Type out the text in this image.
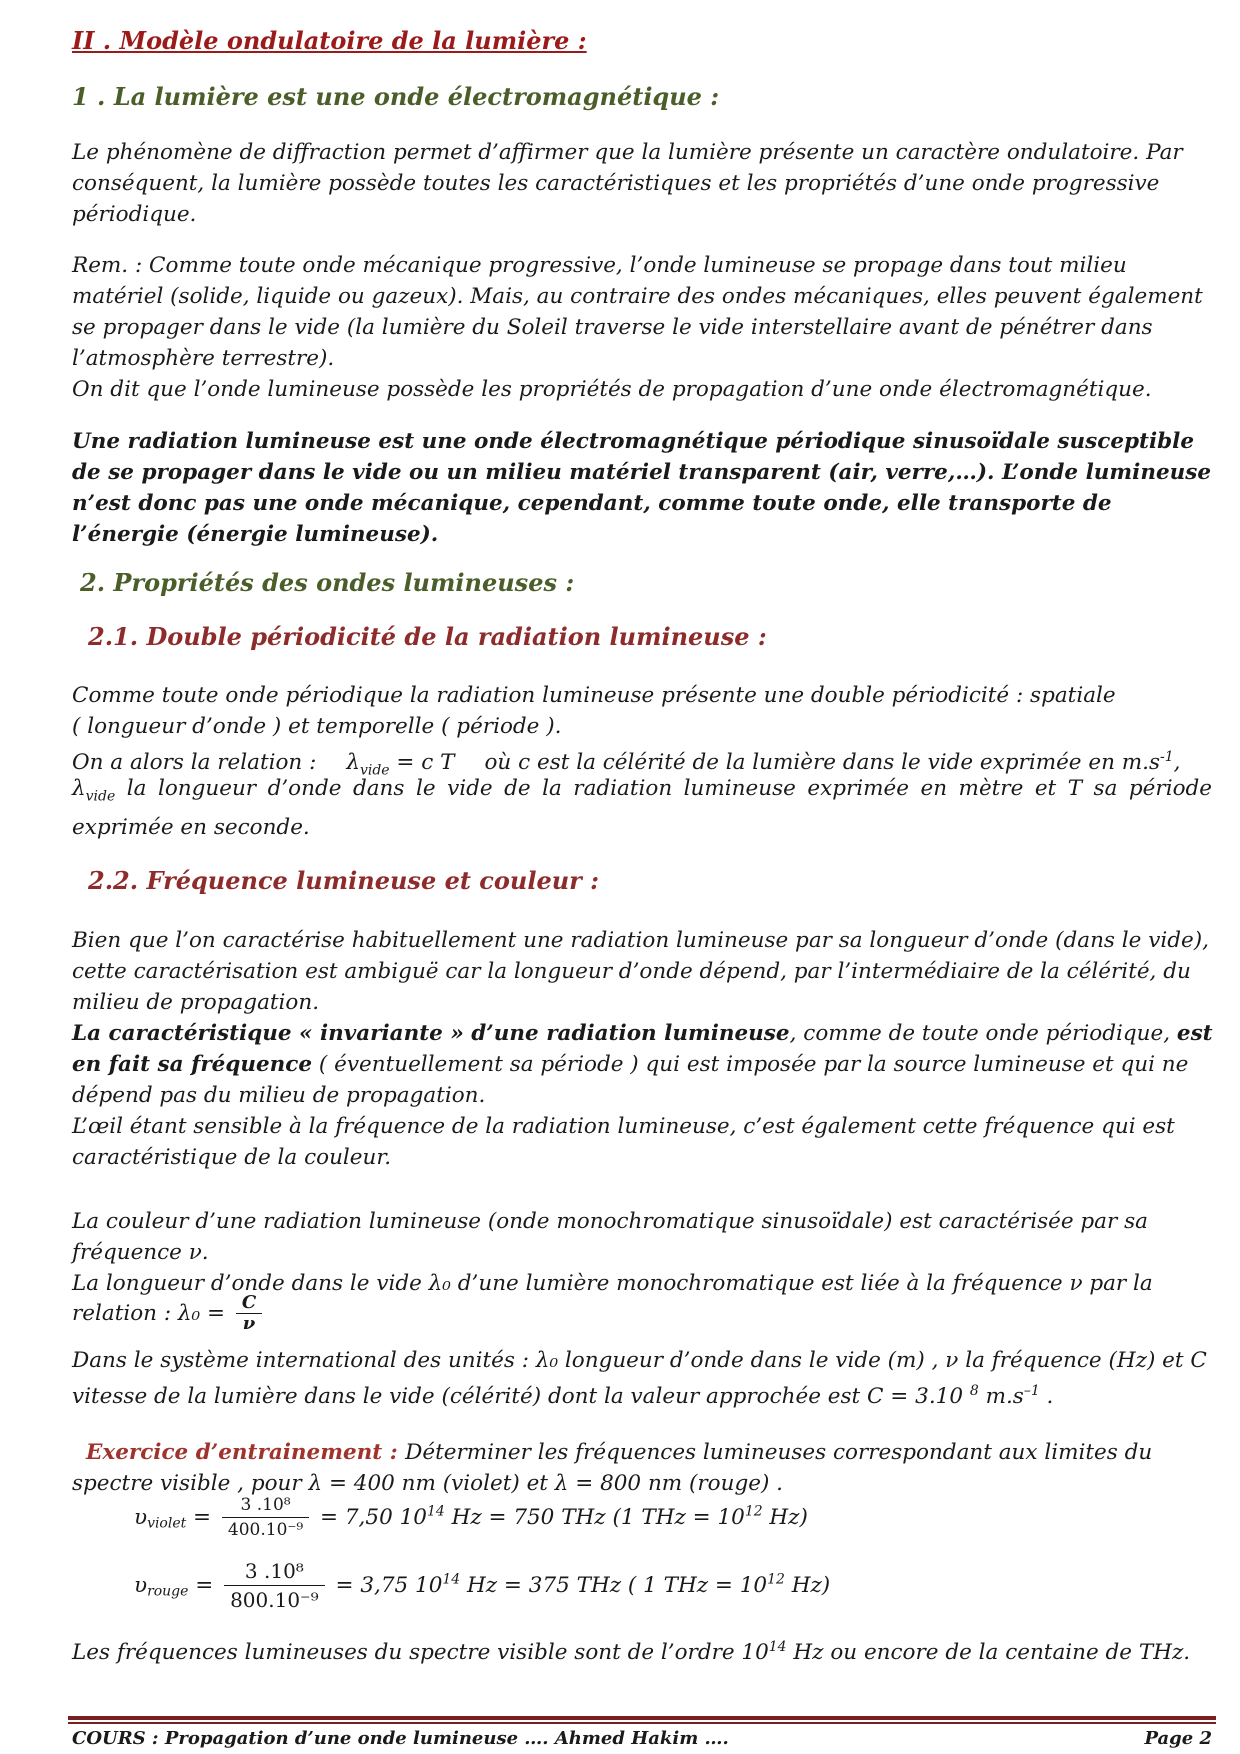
II . Modèle ondulatoire de la lumière :
1 . La lumière est une onde électromagnétique :

Le phénomène de diffraction permet d’affirmer que la lumière présente un caractère ondulatoire. Par conséquent, la lumière possède toutes les caractéristiques et les propriétés d’une onde progressive périodique.

Rem. : Comme toute onde mécanique progressive, l’onde lumineuse se propage dans tout milieu matériel (solide, liquide ou gazeux). Mais, au contraire des ondes mécaniques, elles peuvent également se propager dans le vide (la lumière du Soleil traverse le vide interstellaire avant de pénétrer dans l’atmosphère terrestre).

On dit que l’onde lumineuse possède les propriétés de propagation d’une onde électromagnétique.

Une radiation lumineuse est une onde électromagnétique périodique sinusoïdale susceptible de se propager dans le vide ou un milieu matériel transparent (air, verre,…). L’onde lumineuse n’est donc pas une onde mécanique, cependant, comme toute onde, elle transporte de l’énergie (énergie lumineuse).

2. Propriétés des ondes lumineuses :
2.1. Double périodicité de la radiation lumineuse :

Comme toute onde périodique la radiation lumineuse présente une double périodicité : spatiale

( longueur d’onde ) et temporelle ( période ).

On a alors la relation : $\lambda_{vide} = c$ T où c est la célérité de la lumière dans le vide exprimée en $m.s^{-1}$,

$\lambda_{vide}$ la longueur d’onde dans le vide de la radiation lumineuse exprimée en mètre et T sa période exprimée en seconde.

2.2. Fréquence lumineuse et couleur :

Bien que l’on caractérise habituellement une radiation lumineuse par sa longueur d’onde (dans le vide), cette caractérisation est ambiguë car la longueur d’onde dépend, par l’intermédiaire de la célérité, du milieu de propagation.

La caractéristique « invariante » d’une radiation lumineuse, comme de toute onde périodique, est en fait sa fréquence ( éventuellement sa période ) qui est imposée par la source lumineuse et qui ne dépend pas du milieu de propagation.

L’œil étant sensible à la fréquence de la radiation lumineuse, c’est également cette fréquence qui est caractéristique de la couleur.

La couleur d’une radiation lumineuse (onde monochromatique sinusoïdale) est caractérisée par sa fréquence ν.

La longueur d’onde dans le vide λ₀ d’une lumière monochromatique est liée à la fréquence ν par la

relation : $\lambda_0 = \frac{C}{\nu}$

Dans le système international des unités : λ₀ longueur d’onde dans le vide (m) , ν la fréquence (Hz) et C

vitesse de la lumière dans le vide (célérité) dont la valeur approchée est C = 3.10 $^8$ $m.s^{-1}$ .

Exercice d’entrainement : Déterminer les fréquences lumineuses correspondant aux limites du spectre visible , pour λ = 400 nm (violet) et λ = 800 nm (rouge) .

$\upsilon_{violet} = \frac{\text{3 .10⁸}}{\text{400.10⁻⁹}} = 7,50$ $10^{14}$ Hz = 750 THz (1 THz = $10^{12}$ Hz)
$\upsilon_{rouge} = \frac{\text{3 .10⁸}}{\text{800.10⁻⁹}} = 3,75$ $10^{14}$ Hz = 375 THz ( 1 THz = $10^{12}$ Hz)

Les fréquences lumineuses du spectre visible sont de l’ordre $10^{14}$ Hz ou encore de la centaine de THz.

COURS : Propagation d’une onde lumineuse …. Ahmed Hakim ….	Page 2
